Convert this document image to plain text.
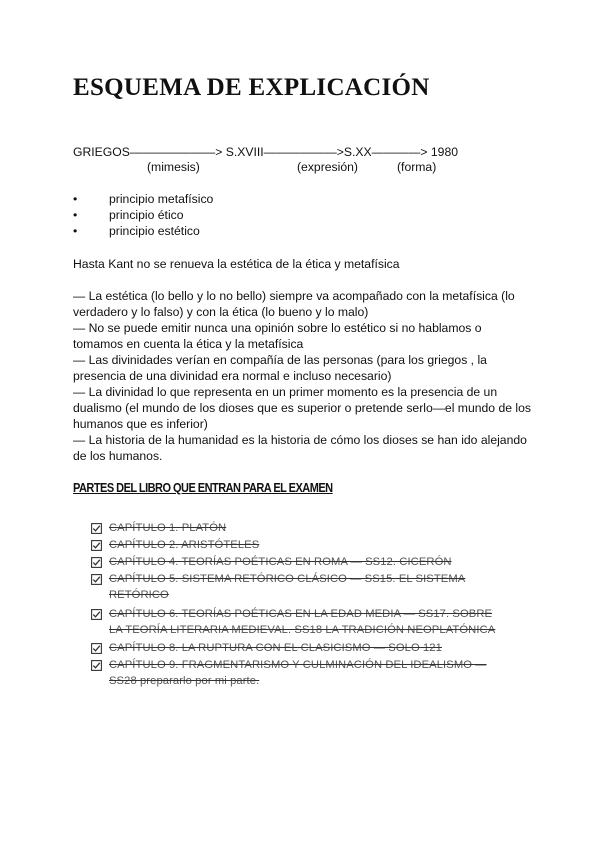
ESQUEMA DE EXPLICACIÓN
GRIEGOS———————> S.XVIII——————>S.XX————> 1980
(mimesis)	(expresión)	(forma)
•	principio metafísico
•	principio ético
•	principio estético
Hasta Kant no se renueva la estética de la ética y metafísica
— La estética (lo bello y lo no bello) siempre va acompañado con la metafísica (lo
verdadero y lo falso) y con la ética (lo bueno y lo malo)
— No se puede emitir nunca una opinión sobre lo estético si no hablamos o
tomamos en cuenta la ética y la metafísica
— Las divinidades verían en compañía de las personas (para los griegos , la
presencia de una divinidad era normal e incluso necesario)
— La divinidad lo que representa en un primer momento es la presencia de un
dualismo (el mundo de los dioses que es superior o pretende serlo—el mundo de los
humanos que es inferior)
— La historia de la humanidad es la historia de cómo los dioses se han ido alejando
de los humanos.
PARTES DEL LIBRO QUE ENTRAN PARA EL EXAMEN
CAPÍTULO 1. PLATÓN
CAPÍTULO 2. ARISTÓTELES
CAPÍTULO 4. TEORÍAS POÉTICAS EN ROMA — SS12. CICERÓN
CAPÍTULO 5. SISTEMA RETÓRICO CLÁSICO — SS15. EL SISTEMA
RETÓRICO
CAPÍTULO 6. TEORÍAS POÉTICAS EN LA EDAD MEDIA — SS17. SOBRE
LA TEORÍA LITERARIA MEDIEVAL. SS18 LA TRADICIÓN NEOPLATÓNICA
CAPÍTULO 8. LA RUPTURA CON EL CLASICISMO — SOLO 121
CAPÍTULO 9. FRAGMENTARISMO Y CULMINACIÓN DEL IDEALISMO —
SS28 prepararlo por mi parte.
